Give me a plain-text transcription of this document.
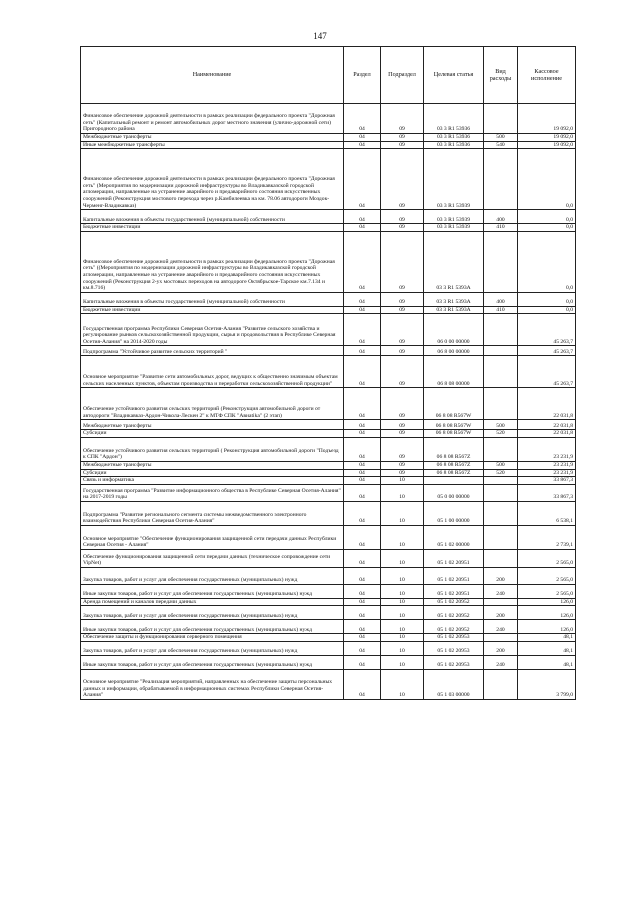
147
Наименование	Раздел	Подраздел	Целевая статья	Вид расходы	Кассовое исполнение
Финансовое обеспечение дорожной деятельности в рамках реализации федерального проекта "Дорожная сеть" (Капитальный ремонт и ремонт автомобильных дорог местного значения (улично-дорожной сети) Пригородного района	04	09	03 3 R1 53936		19 092,0
Межбюджетные трансферты	04	09	03 3 R1 53936	500	19 092,0
Иные межбюджетные трансферты	04	09	03 3 R1 53936	540	19 092,0
Финансовое обеспечение дорожной деятельности в рамках реализации федерального проекта "Дорожная сеть" (Мероприятия по модернизации дорожной инфраструктуры во Владикавказской городской агломерации, направленные на устранение аварийного и предаварийного состояния искусственных сооружений (Реконструкция мостового перехода через р.Камбилеевка на км. 78.06 автодороги Моздок-Черменr-Владикавказ)	04	09	03 3 R1 53939		0,0
Капитальные вложения в объекты государственной (муниципальной) собственности	04	09	03 3 R1 53939	400	0,0
Бюджетные инвестиции	04	09	03 3 R1 53939	410	0,0
Финансовое обеспечение дорожной деятельности в рамках реализации федерального проекта "Дорожная сеть" ((Мероприятия по модернизации дорожной инфраструктуры во Владикавказской городской агломерации, направленные на устранение аварийного и предаварийного состояния искусственных сооружений (Реконструкция 2-ух мостовых переходов на автодороге Октябрьское-Тарское км.7.134 и км.8.716)	04	09	03 3 R1 5393A		0,0
Капитальные вложения в объекты государственной (муниципальной) собственности	04	09	03 3 R1 5393A	400	0,0
Бюджетные инвестиции	04	09	03 3 R1 5393A	410	0,0
Государственная программа Республики Северная Осетия-Алания "Развитие сельского хозяйства и регулирование рынков сельскохозяйственной продукции, сырья и продовольствия в Республике Северная Осетия-Алания" на 2014-2020 годы	04	09	06 0 00 00000		45 263,7
Подпрограмма "Устойчивое развитие сельских территорий "	04	09	06 8 00 00000		45 263,7
Основное мероприятие "Развитие сети автомобильных дорог, ведущих к общественно значимым объектам сельских населенных пунктов, объектам производства и переработки сельскохозяйственной продукции"	04	09	06 8 08 00000		45 263,7
Обеспечение устойчивого развития сельских территорий (Реконструкция автомобильной дороги от автодороги "Владикавказ-Ардон-Чиколa-Лескен 2" к МТФ СПК "Авиаtika" (2 этап)	04	09	06 8 08 R567W		22 031,8
Межбюджетные трансферты	04	09	06 8 08 R567W	500	22 031,8
Субсидии	04	09	06 8 08 R567W	520	22 031,8
Обеспечение устойчивого развития сельских территорий ( Реконструкция автомобильной дороги "Подъезд к СПК "Ардон")	04	09	06 8 08 R567Z		23 231,9
Межбюджетные трансферты	04	09	06 8 08 R567Z	500	23 231,9
Субсидии	04	09	06 8 08 R567Z	520	23 231,9
Связь и информатика	04	10			33 867,3
Государственная программа "Развитие информационного общества в Республике Северная Осетия-Алания" на 2017-2019 годы	04	10	05 0 00 00000		33 867,3
Подпрограмма "Развитие регионального сегмента системы межведомственного электронного взаимодействия Республики Северная Осетия-Алания"	04	10	05 1 00 00000		6 538,1
Основное мероприятие "Обеспечение функционирования защищенной сети передачи данных Республики Северная Осетия - Алания"	04	10	05 1 02 00000		2 739,1
Обеспечение функционирования защищенной сети передачи данных (техническое сопровождение сети VipNet)	04	10	05 1 02 20951		2 565,0
Закупка товаров, работ и услуг для обеспечения государственных (муниципальных) нужд	04	10	05 1 02 20951	200	2 565,0
Иные закупки товаров, работ и услуг для обеспечения государственных (муниципальных) нужд	04	10	05 1 02 20951	240	2 565,0
Аренда помещений и каналов передачи данных	04	10	05 1 02 20952		126,0
Закупка товаров, работ и услуг для обеспечения государственных (муниципальных) нужд	04	10	05 1 02 20952	200	126,0
Иные закупки товаров, работ и услуг для обеспечения государственных (муниципальных) нужд	04	10	05 1 02 20952	240	126,0
Обеспечение защиты и функционирования серверного помещения	04	10	05 1 02 20953		48,1
Закупка товаров, работ и услуг для обеспечения государственных (муниципальных) нужд	04	10	05 1 02 20953	200	48,1
Иные закупки товаров, работ и услуг для обеспечения государственных (муниципальных) нужд	04	10	05 1 02 20953	240	48,1
Основное мероприятие "Реализация мероприятий, направленных на обеспечение защиты персональных данных и информации, обрабатываемой в информационных системах Республики Северная Осетия-Алания"	04	10	05 1 03 00000		3 799,0
